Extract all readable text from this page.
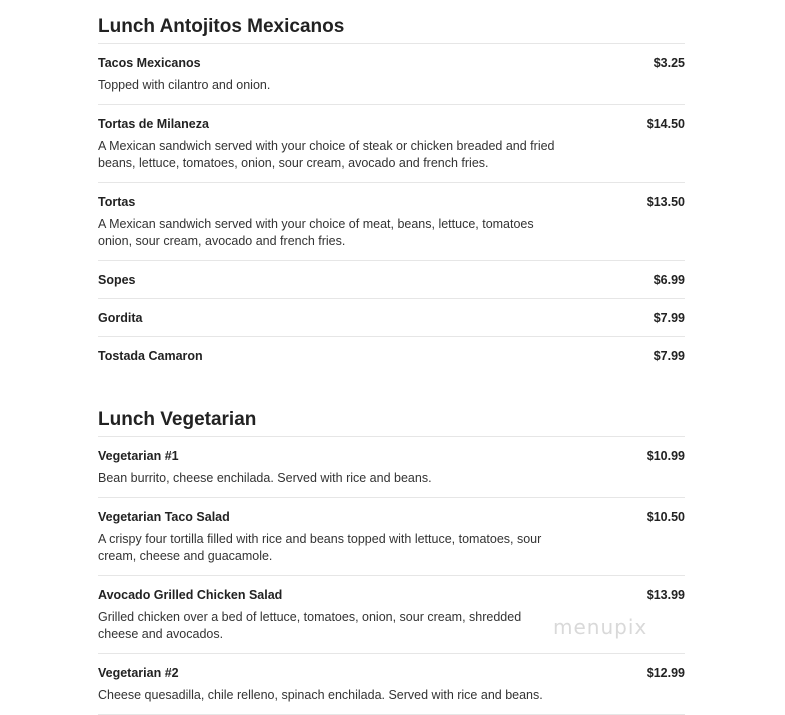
Lunch Antojitos Mexicanos
Tacos Mexicanos	$3.25
Topped with cilantro and onion.
Tortas de Milaneza	$14.50
A Mexican sandwich served with your choice of steak or chicken breaded and fried beans, lettuce, tomatoes, onion, sour cream, avocado and french fries.
Tortas	$13.50
A Mexican sandwich served with your choice of meat, beans, lettuce, tomatoes onion, sour cream, avocado and french fries.
Sopes	$6.99
Gordita	$7.99
Tostada Camaron	$7.99
Lunch Vegetarian
Vegetarian #1	$10.99
Bean burrito, cheese enchilada. Served with rice and beans.
Vegetarian Taco Salad	$10.50
A crispy four tortilla filled with rice and beans topped with lettuce, tomatoes, sour cream, cheese and guacamole.
Avocado Grilled Chicken Salad	$13.99
Grilled chicken over a bed of lettuce, tomatoes, onion, sour cream, shredded cheese and avocados.
Vegetarian #2	$12.99
Cheese quesadilla, chile relleno, spinach enchilada. Served with rice and beans.
menupix
